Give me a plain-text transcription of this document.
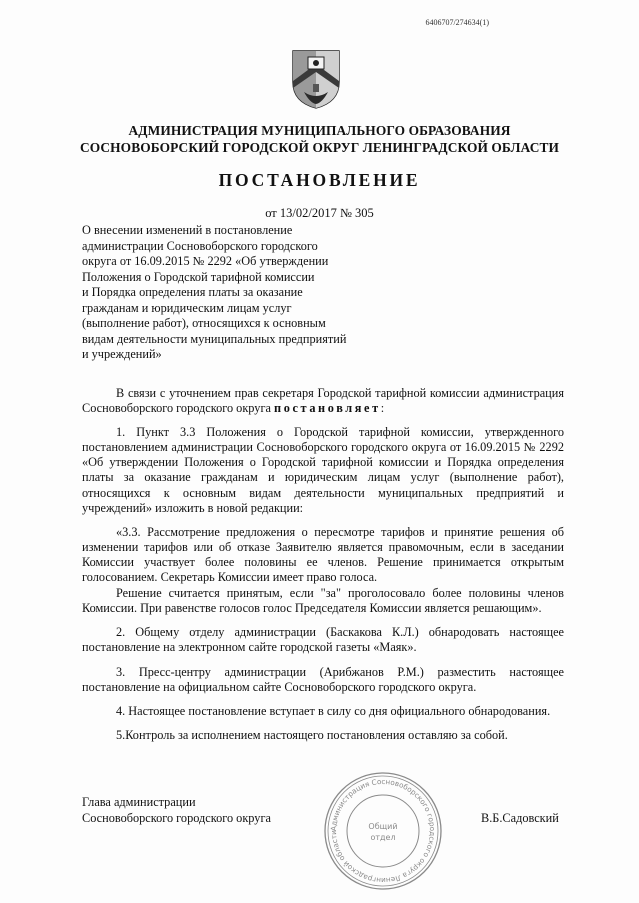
6406707/274634(1)
АДМИНИСТРАЦИЯ МУНИЦИПАЛЬНОГО ОБРАЗОВАНИЯ
СОСНОВОБОРСКИЙ ГОРОДСКОЙ ОКРУГ ЛЕНИНГРАДСКОЙ ОБЛАСТИ
ПОСТАНОВЛЕНИЕ
от 13/02/2017 № 305
О внесении изменений в постановление
администрации Сосновоборского городского
округа от 16.09.2015 № 2292 «Об утверждении
Положения о Городской тарифной комиссии
и Порядка определения платы за оказание
гражданам и юридическим лицам услуг
(выполнение работ), относящихся к основным
видам деятельности муниципальных предприятий
и учреждений»

В связи с уточнением прав секретаря Городской тарифной комиссии администрация Сосновоборского городского округа постановляет:

1. Пункт 3.3 Положения о Городской тарифной комиссии, утвержденного постановлением администрации Сосновоборского городского округа от 16.09.2015 № 2292 «Об утверждении Положения о Городской тарифной комиссии и Порядка определения платы за оказание гражданам и юридическим лицам услуг (выполнение работ), относящихся к основным видам деятельности муниципальных предприятий и учреждений» изложить в новой редакции:

«3.3. Рассмотрение предложения о пересмотре тарифов и принятие решения об изменении тарифов или об отказе Заявителю является правомочным, если в заседании Комиссии участвует более половины ее членов. Решение принимается открытым голосованием. Секретарь Комиссии имеет право голоса.

Решение считается принятым, если "за" проголосовало более половины членов Комиссии. При равенстве голосов голос Председателя Комиссии является решающим».

2. Общему отделу администрации (Баскакова К.Л.) обнародовать настоящее постановление на электронном сайте городской газеты «Маяк».

3. Пресс-центру администрации (Арибжанов Р.М.) разместить настоящее постановление на официальном сайте Сосновоборского городского округа.

4. Настоящее постановление вступает в силу со дня официального обнародования.

5.Контроль за исполнением настоящего постановления оставляю за собой.

Глава администрации
Сосновоборского городского округа	В.Б.Садовский
Администрация Сосновоборского городского округа Ленинградской области
Общий
отдел
